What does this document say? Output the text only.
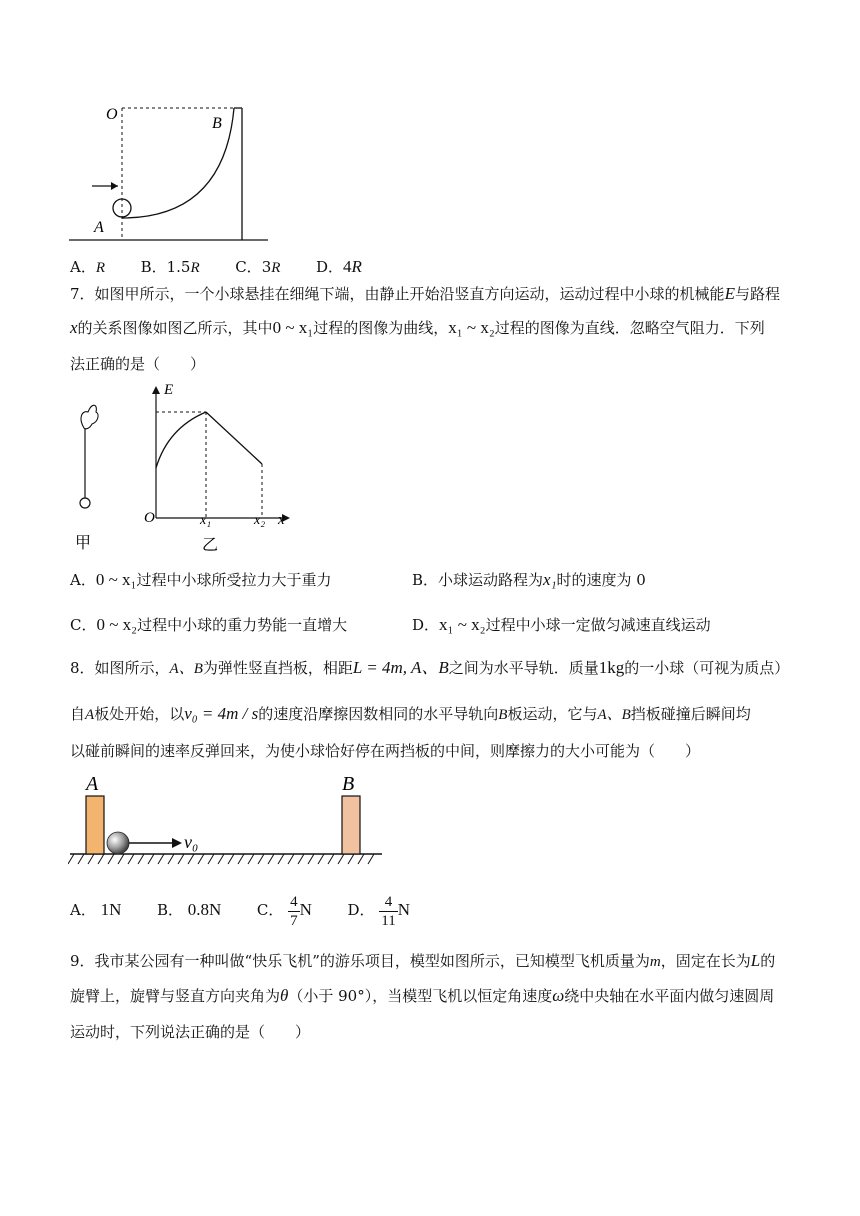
O
B
A
A．R B．1.5R C．3R D．4R
7．如图甲所示，一个小球悬挂在细绳下端，由静止开始沿竖直方向运动，运动过程中小球的机械能E与路程
x的关系图像如图乙所示，其中0 ~ x₁过程的图像为曲线，x₁ ~ x₂过程的图像为直线．忽略空气阻力．下列
法正确的是（　　）
甲
E
O	x₁	x₂ x
乙
A．0 ~ x₁过程中小球所受拉力大于重力	B．小球运动路程为x₁时的速度为 0
C．0 ~ x₂过程中小球的重力势能一直增大	D．x₁ ~ x₂过程中小球一定做匀减速直线运动
8．如图所示，A、B为弹性竖直挡板，相距L = 4m, A、B之间为水平导轨．质量1kg的一小球（可视为质点）
自A板处开始，以v₀ = 4m / s的速度沿摩擦因数相同的水平导轨向B板运动，它与A、B挡板碰撞后瞬间均
以碰前瞬间的速率反弹回来，为使小球恰好停在两挡板的中间，则摩擦力的大小可能为（　　）
A	B
v₀
A． 1N B． 0.8N C． $\frac{4}{7}$ N D． $\frac{4}{11}$ N
9．我市某公园有一种叫做“快乐飞机”的游乐项目，模型如图所示，已知模型飞机质量为m，固定在长为L的
旋臂上，旋臂与竖直方向夹角为θ（小于 90°），当模型飞机以恒定角速度ω绕中央轴在水平面内做匀速圆周
运动时，下列说法正确的是（　　）
